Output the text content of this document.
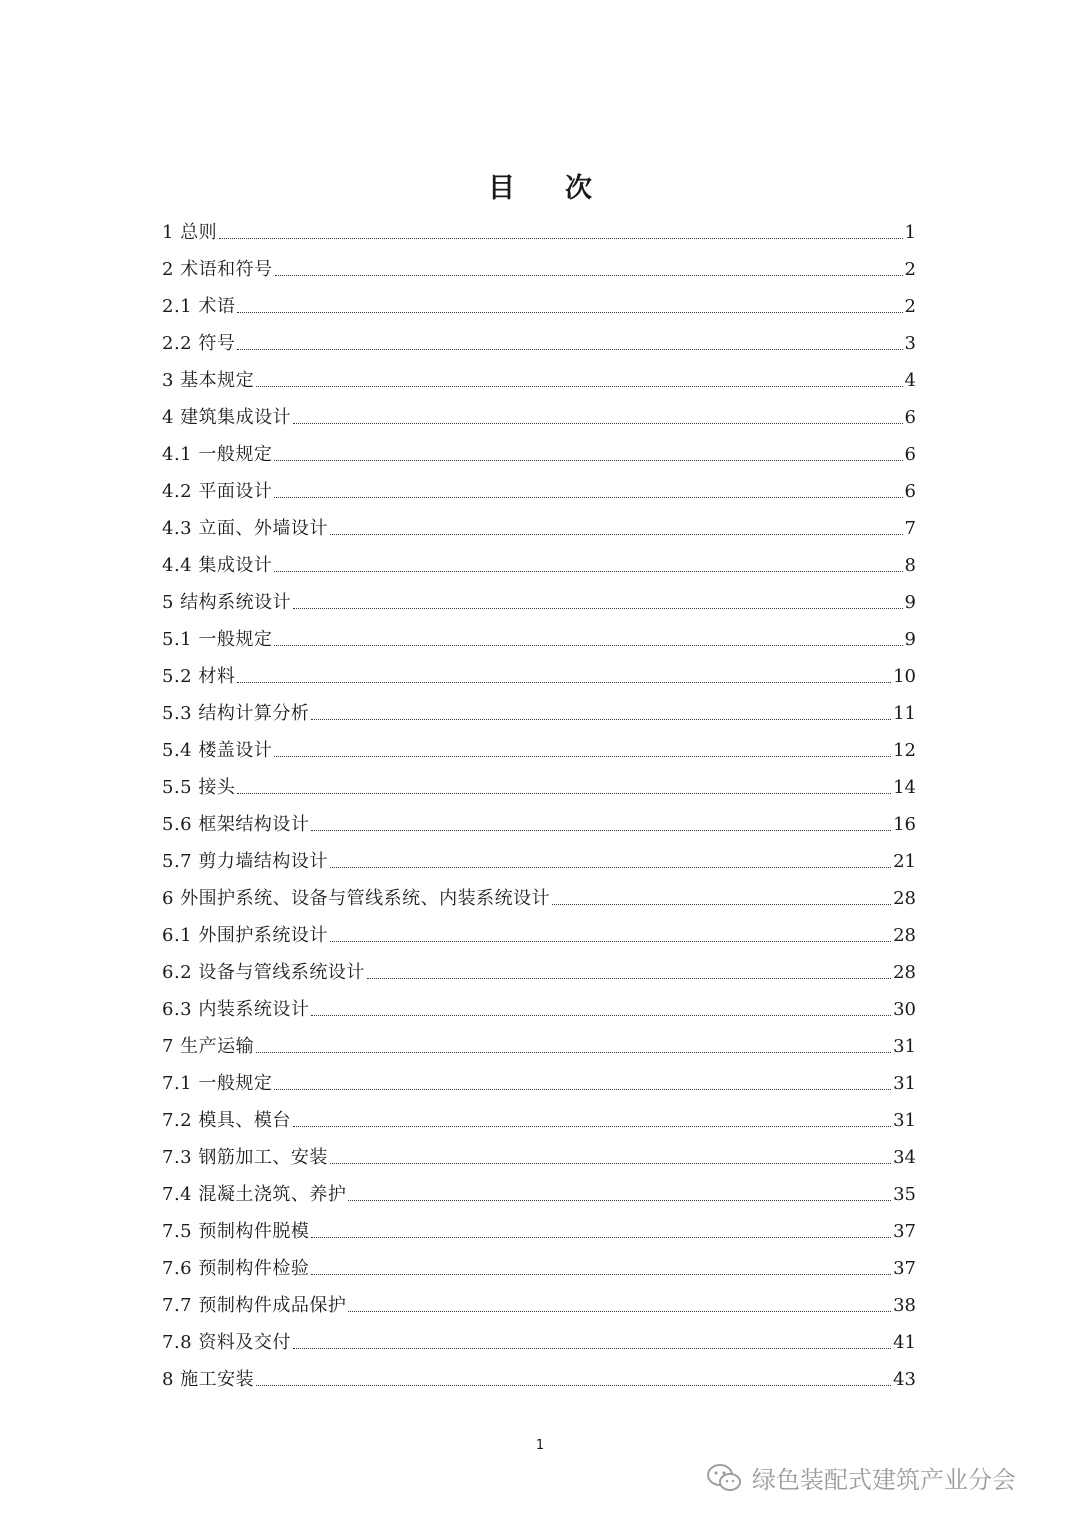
目 次
1 总则	1
2 术语和符号	2
2.1 术语	2
2.2 符号	3
3 基本规定	4
4 建筑集成设计	6
4.1 一般规定	6
4.2 平面设计	6
4.3 立面、外墙设计	7
4.4 集成设计	8
5 结构系统设计	9
5.1 一般规定	9
5.2 材料	10
5.3 结构计算分析	11
5.4 楼盖设计	12
5.5 接头	14
5.6 框架结构设计	16
5.7 剪力墙结构设计	21
6 外围护系统、设备与管线系统、内装系统设计	28
6.1 外围护系统设计	28
6.2 设备与管线系统设计	28
6.3 内装系统设计	30
7 生产运输	31
7.1 一般规定	31
7.2 模具、模台	31
7.3 钢筋加工、安装	34
7.4 混凝土浇筑、养护	35
7.5 预制构件脱模	37
7.6 预制构件检验	37
7.7 预制构件成品保护	38
7.8 资料及交付	41
8 施工安装	43
1
绿色装配式建筑产业分会
